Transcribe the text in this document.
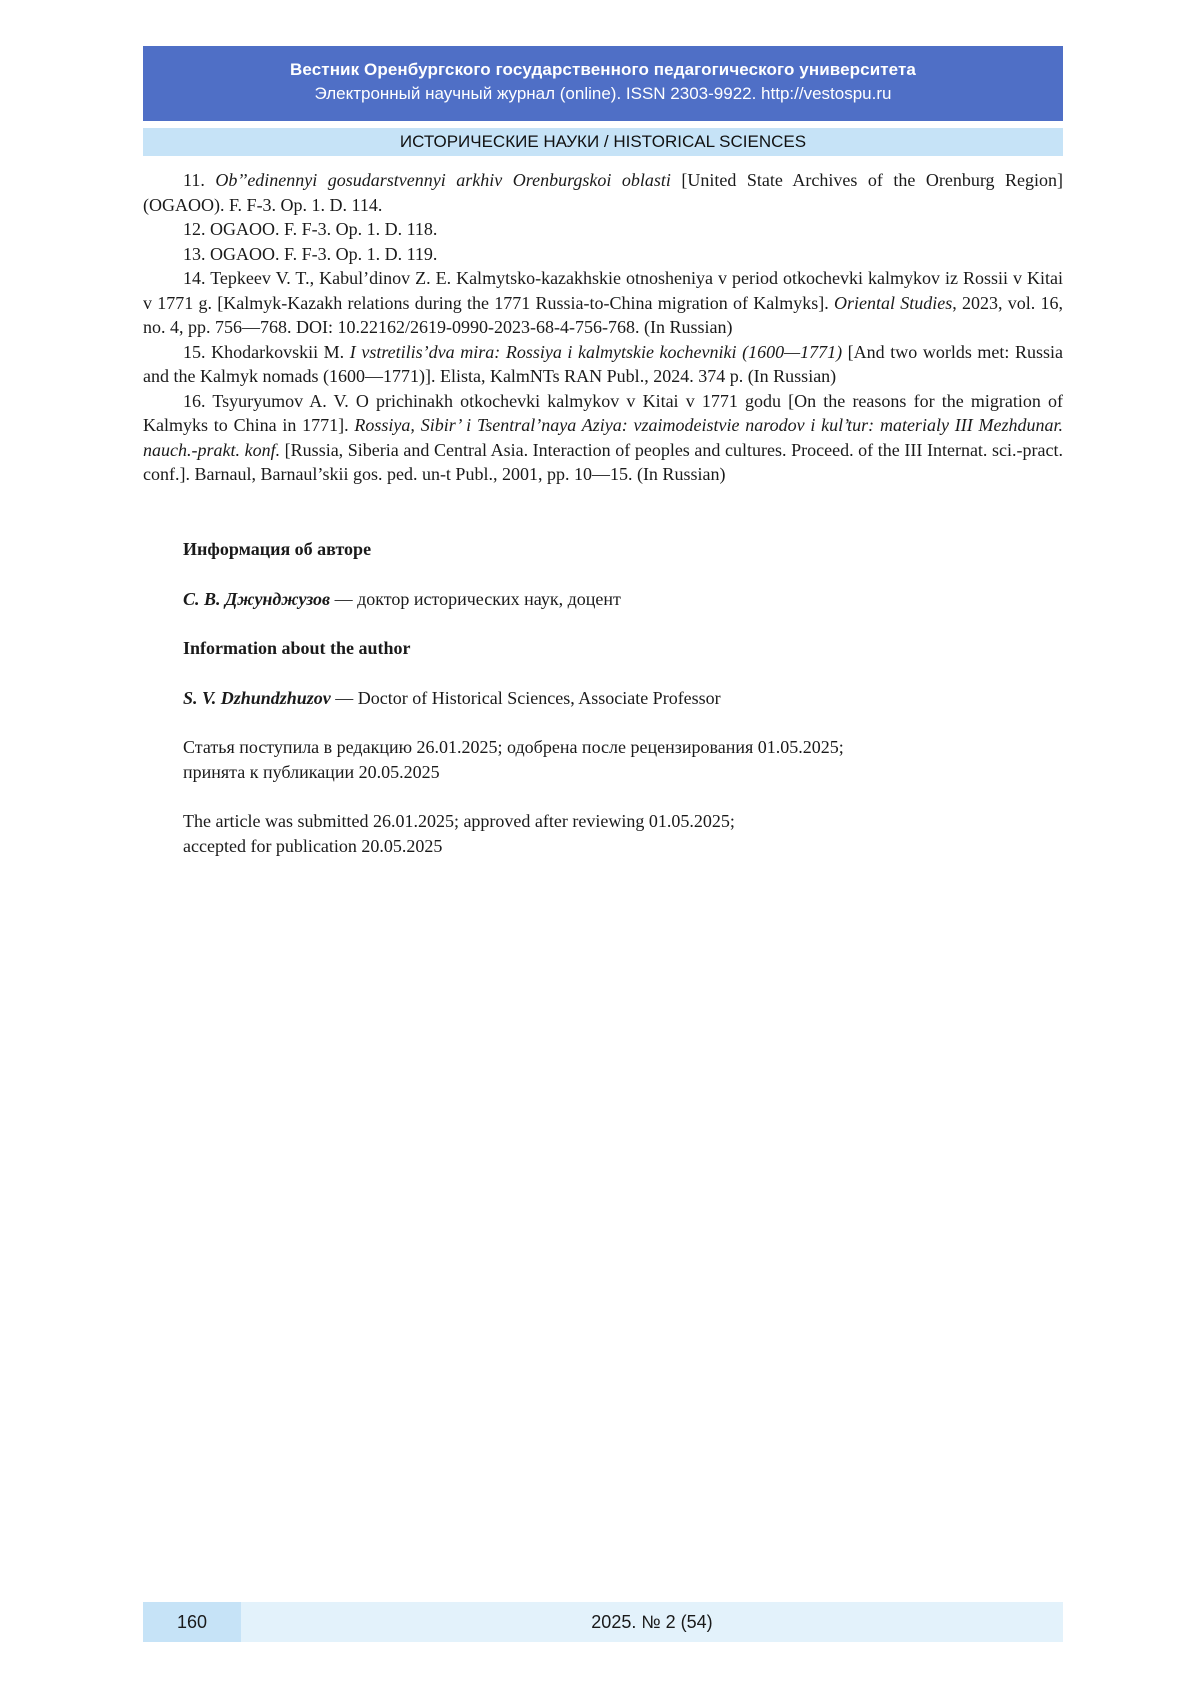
Вестник Оренбургского государственного педагогического университета
Электронный научный журнал (online). ISSN 2303-9922. http://vestospu.ru
ИСТОРИЧЕСКИЕ НАУКИ / HISTORICAL SCIENCES

11. Ob’’edinennyi gosudarstvennyi arkhiv Orenburgskoi oblasti [United State Archives of the Orenburg Region] (OGAOO). F. F-3. Op. 1. D. 114.

12. OGAOO. F. F-3. Op. 1. D. 118.

13. OGAOO. F. F-3. Op. 1. D. 119.

14. Tepkeev V. T., Kabul’dinov Z. E. Kalmytsko-kazakhskie otnosheniya v period otkochevki kalmykov iz Rossii v Kitai v 1771 g. [Kalmyk-Kazakh relations during the 1771 Russia-to-China migration of Kalmyks]. Oriental Studies, 2023, vol. 16, no. 4, pp. 756—768. DOI: 10.22162/2619-0990-2023-68-4-756-768. (In Russian)

15. Khodarkovskii M. I vstretilis’dva mira: Rossiya i kalmytskie kochevniki (1600—1771) [And two worlds met: Russia and the Kalmyk nomads (1600—1771)]. Elista, KalmNTs RAN Publ., 2024. 374 p. (In Russian)

16. Tsyuryumov A. V. O prichinakh otkochevki kalmykov v Kitai v 1771 godu [On the reasons for the migration of Kalmyks to China in 1771]. Rossiya, Sibir’ i Tsentral’naya Aziya: vzaimodeistvie narodov i kul’tur: materialy III Mezhdunar. nauch.-prakt. konf. [Russia, Siberia and Central Asia. Interaction of peoples and cultures. Proceed. of the III Internat. sci.-pract. conf.]. Barnaul, Barnaul’skii gos. ped. un-t Publ., 2001, pp. 10—15. (In Russian)

Информация об авторе
С. В. Джунджузов — доктор исторических наук, доцент
Information about the author
S. V. Dzhundzhuzov — Doctor of Historical Sciences, Associate Professor
Статья поступила в редакцию 26.01.2025; одобрена после рецензирования 01.05.2025;
принята к публикации 20.05.2025
The article was submitted 26.01.2025; approved after reviewing 01.05.2025;
accepted for publication 20.05.2025
160	2025. № 2 (54)
